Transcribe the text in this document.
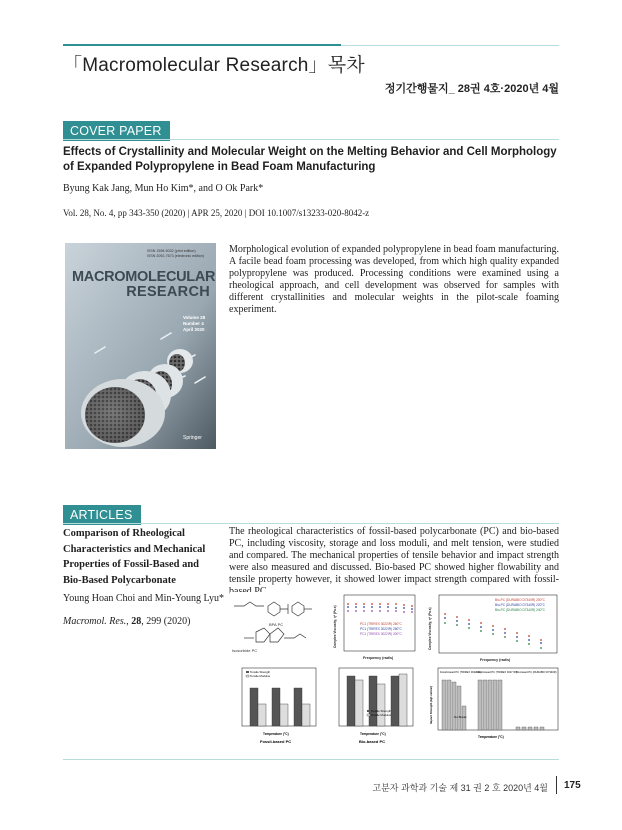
「Macromolecular Research」목차
정기간행물지_ 28권 4호·2020년 4월
COVER PAPER
Effects of Crystallinity and Molecular Weight on the Melting Behavior and Cell Morphology of Expanded Polypropylene in Bead Foam Manufacturing
Byung Kak Jang, Mun Ho Kim*, and O Ok Park*
Vol. 28, No. 4, pp 343-350 (2020) | APR 25, 2020 | DOI 10.1007/s13233-020-8042-z
ISSN 1598-5032 (print edition)
ISSN 2092-7673 (electronic edition)
MACROMOLECULAR
RESEARCH
Volume 28
Number 4
April 2020
Springer
Morphological evolution of expanded polypropylene in bead foam manufacturing. A facile bead foam processing was developed, from which high quality expanded polypropylene was produced. Processing conditions were examined using a rheological approach, and cell development was observed for samples with different crystallinities and molecular weights in the pilot-scale foaming experiment.
ARTICLES
Comparison of Rheological Characteristics and Mechanical Properties of Fossil-Based and Bio-Based Polycarbonate
Young Hoan Choi and Min-Young Lyu*
Macromol. Res., 28, 299 (2020)
The rheological characteristics of fossil-based polycarbonate (PC) and bio-based PC, including viscosity, storage and loss moduli, and melt tension, were studied and compared. The mechanical properties of tensile behavior and impact strength were also measured and discussed. Bio-based PC showed higher flowability and tensile property however, it showed lower impact strength compared with fossil-
BPA PC
Isosorbide PC
PC1 (TRIREX 3022IR) 260°C
PC1 (TRIREX 3022IR) 280°C
PC1 (TRIREX 3022IR) 300°C
Frequency (rad/s)
Complex Viscosity, η* (Pa.s)
Bio-PC (DURABIO D7340R) 200°C
Bio-PC (DURABIO D7340R) 220°C
Bio-PC (DURABIO D7340R) 240°C
Frequency (rad/s)
Complex Viscosity, η* (Pa.s)
Tensile Strength
Tensile Modulus
Temperature (°C)
Fossil-based PC
Tensile Strength
Tensile Modulus
Temperature (°C)
Bio-based PC
Fossil-based PC (TRIREX 3022 IR)
Fossil-based PC (TRIREX 3027 IR) Bio-based PC (DURABIO D7340R)
No Break
Temperature (°C)
Impact Strength (kgf·cm/cm)
고분자 과학과 기술 제 31 권 2 호 2020년 4월 175
